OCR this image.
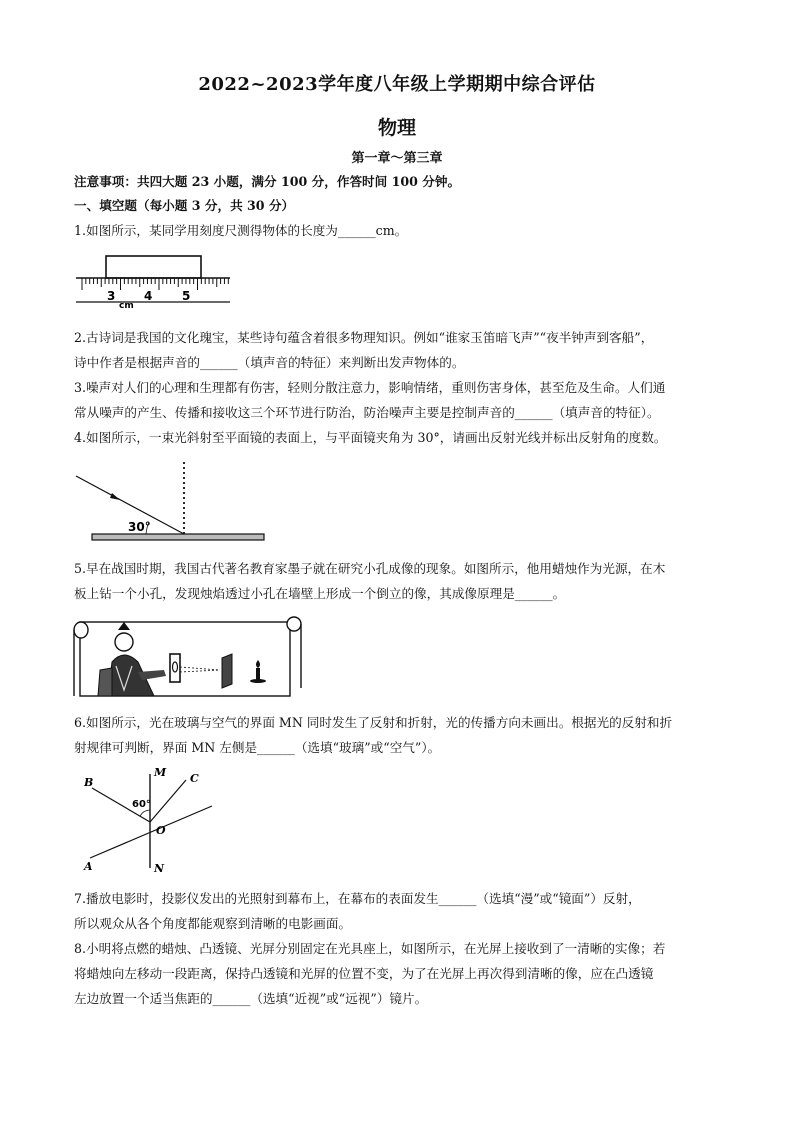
2022~2023学年度八年级上学期期中综合评估
物理
第一章～第三章
注意事项：共四大题 23 小题，满分 100 分，作答时间 100 分钟。
一、填空题（每小题 3 分，共 30 分）
1.如图所示，某同学用刻度尺测得物体的长度为______cm。
3
cm
4 5
2.古诗词是我国的文化瑰宝，某些诗句蕴含着很多物理知识。例如“谁家玉笛暗飞声”“夜半钟声到客船”，
诗中作者是根据声音的______（填声音的特征）来判断出发声物体的。
3.噪声对人们的心理和生理都有伤害，轻则分散注意力，影响情绪，重则伤害身体，甚至危及生命。人们通
常从噪声的产生、传播和接收这三个环节进行防治，防治噪声主要是控制声音的______（填声音的特征）。
4.如图所示，一束光斜射至平面镜的表面上，与平面镜夹角为 30°，请画出反射光线并标出反射角的度数。
30°
5.早在战国时期，我国古代著名教育家墨子就在研究小孔成像的现象。如图所示，他用蜡烛作为光源，在木
板上钻一个小孔，发现烛焰透过小孔在墙壁上形成一个倒立的像，其成像原理是______。
6.如图所示，光在玻璃与空气的界面 MN 同时发生了反射和折射，光的传播方向未画出。根据光的反射和折
射规律可判断，界面 MN 左侧是______（选填“玻璃”或“空气”）。
B
M C
60°
O
A	N
7.播放电影时，投影仪发出的光照射到幕布上，在幕布的表面发生______（选填“漫”或“镜面”）反射，
所以观众从各个角度都能观察到清晰的电影画面。
8.小明将点燃的蜡烛、凸透镜、光屏分别固定在光具座上，如图所示，在光屏上接收到了一清晰的实像；若
将蜡烛向左移动一段距离，保持凸透镜和光屏的位置不变，为了在光屏上再次得到清晰的像，应在凸透镜
左边放置一个适当焦距的______（选填“近视”或“远视”）镜片。
